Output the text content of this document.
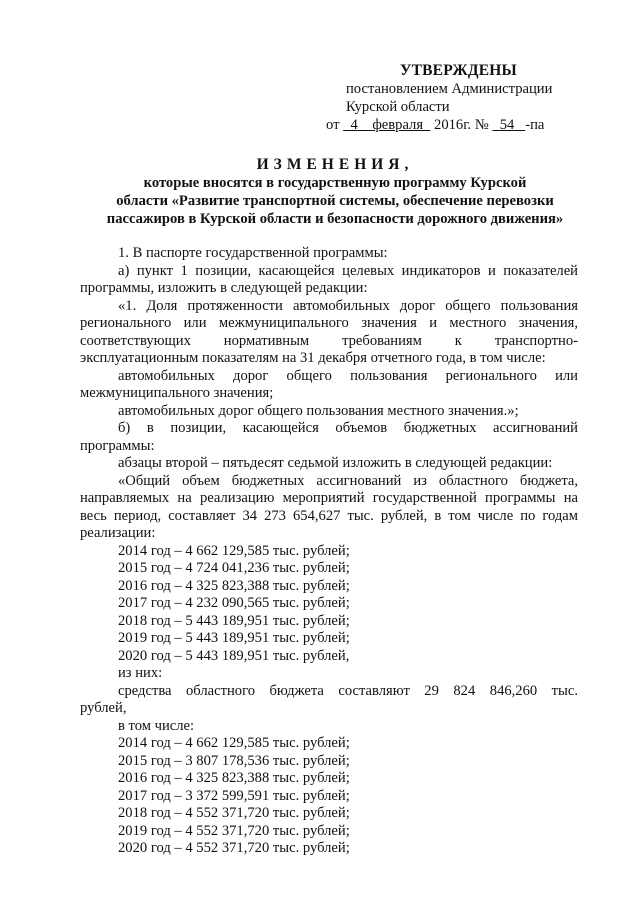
УТВЕРЖДЕНЫ
постановлением Администрации
Курской области
от 4 февраля 2016г. № 54 -па
ИЗМЕНЕНИЯ,
которые вносятся в государственную программу Курской
области «Развитие транспортной системы, обеспечение перевозки
пассажиров в Курской области и безопасности дорожного движения»

1. В паспорте государственной программы:

а) пункт 1 позиции, касающейся целевых индикаторов и показателей программы, изложить в следующей редакции:

«1. Доля протяженности автомобильных дорог общего пользования регионального или межмуниципального значения и местного значения, соответствующих нормативным требованиям к транспортно-эксплуатационным показателям на 31 декабря отчетного года, в том числе:

автомобильных дорог общего пользования регионального или межмуниципального значения;

автомобильных дорог общего пользования местного значения.»;

б) в позиции, касающейся объемов бюджетных ассигнований программы:

абзацы второй – пятьдесят седьмой изложить в следующей редакции:

«Общий объем бюджетных ассигнований из областного бюджета, направляемых на реализацию мероприятий государственной программы на весь период, составляет 34 273 654,627 тыс. рублей, в том числе по годам реализации:

2014 год – 4 662 129,585 тыс. рублей;

2015 год – 4 724 041,236 тыс. рублей;

2016 год – 4 325 823,388 тыс. рублей;

2017 год – 4 232 090,565 тыс. рублей;

2018 год – 5 443 189,951 тыс. рублей;

2019 год – 5 443 189,951 тыс. рублей;

2020 год – 5 443 189,951 тыс. рублей,

из них:

средства областного бюджета составляют 29 824 846,260 тыс.

рублей,

в том числе:

2014 год – 4 662 129,585 тыс. рублей;

2015 год – 3 807 178,536 тыс. рублей;

2016 год – 4 325 823,388 тыс. рублей;

2017 год – 3 372 599,591 тыс. рублей;

2018 год – 4 552 371,720 тыс. рублей;

2019 год – 4 552 371,720 тыс. рублей;

2020 год – 4 552 371,720 тыс. рублей;
